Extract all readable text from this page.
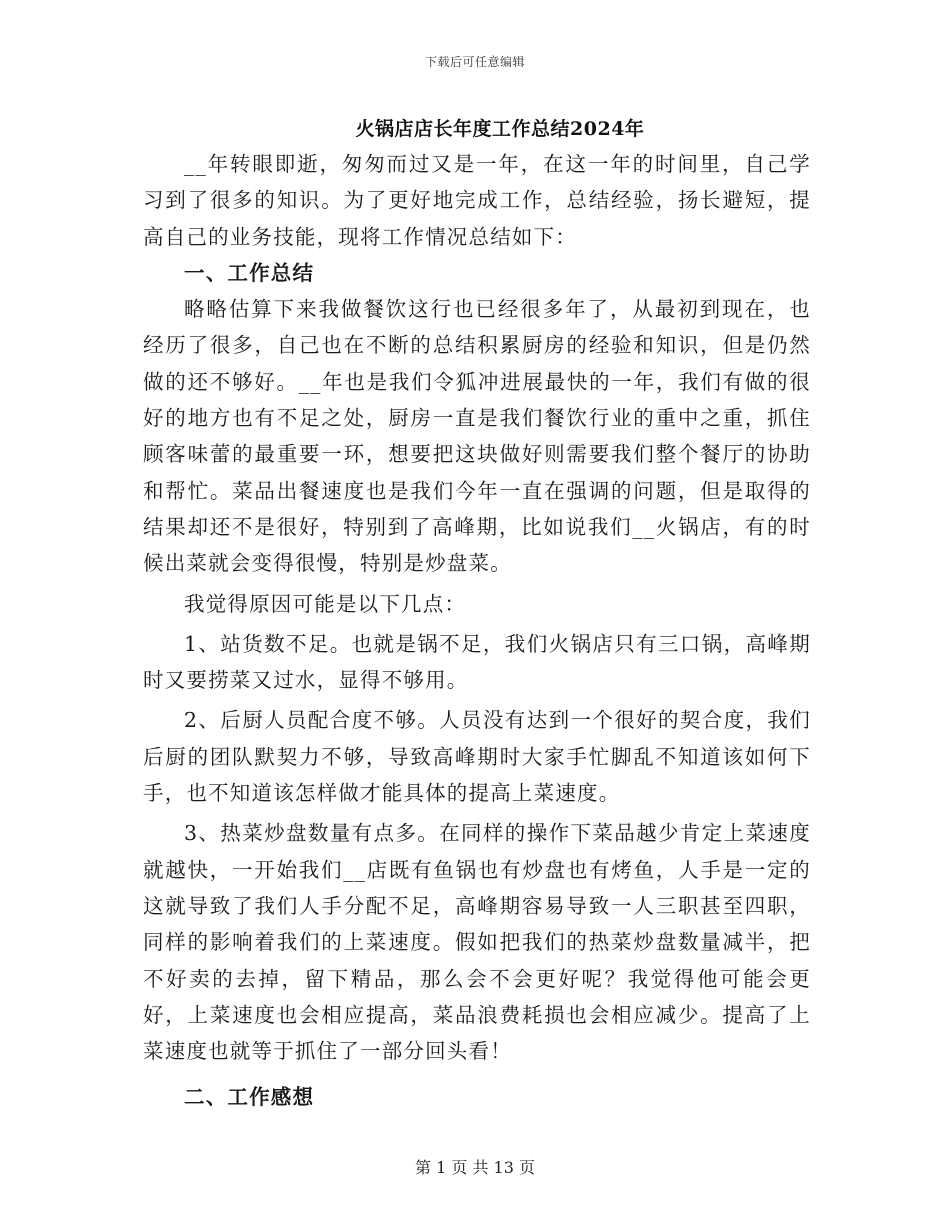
下载后可任意编辑
火锅店店长年度工作总结2024年

__年转眼即逝，匆匆而过又是一年，在这一年的时间里，自己学习到了很多的知识。为了更好地完成工作，总结经验，扬长避短，提高自己的业务技能，现将工作情况总结如下：

一、工作总结

略略估算下来我做餐饮这行也已经很多年了，从最初到现在，也经历了很多，自己也在不断的总结积累厨房的经验和知识，但是仍然做的还不够好。__年也是我们令狐冲进展最快的一年，我们有做的很好的地方也有不足之处，厨房一直是我们餐饮行业的重中之重，抓住顾客味蕾的最重要一环，想要把这块做好则需要我们整个餐厅的协助和帮忙。菜品出餐速度也是我们今年一直在强调的问题，但是取得的结果却还不是很好，特别到了高峰期，比如说我们__火锅店，有的时候出菜就会变得很慢，特别是炒盘菜。

我觉得原因可能是以下几点：

1、站货数不足。也就是锅不足，我们火锅店只有三口锅，高峰期时又要捞菜又过水，显得不够用。

2、后厨人员配合度不够。人员没有达到一个很好的契合度，我们后厨的团队默契力不够，导致高峰期时大家手忙脚乱不知道该如何下手，也不知道该怎样做才能具体的提高上菜速度。

3、热菜炒盘数量有点多。在同样的操作下菜品越少肯定上菜速度就越快，一开始我们__店既有鱼锅也有炒盘也有烤鱼，人手是一定的这就导致了我们人手分配不足，高峰期容易导致一人三职甚至四职，同样的影响着我们的上菜速度。假如把我们的热菜炒盘数量减半，把不好卖的去掉，留下精品，那么会不会更好呢？我觉得他可能会更好，上菜速度也会相应提高，菜品浪费耗损也会相应减少。提高了上菜速度也就等于抓住了一部分回头看！

二、工作感想
第 1 页 共 13 页
